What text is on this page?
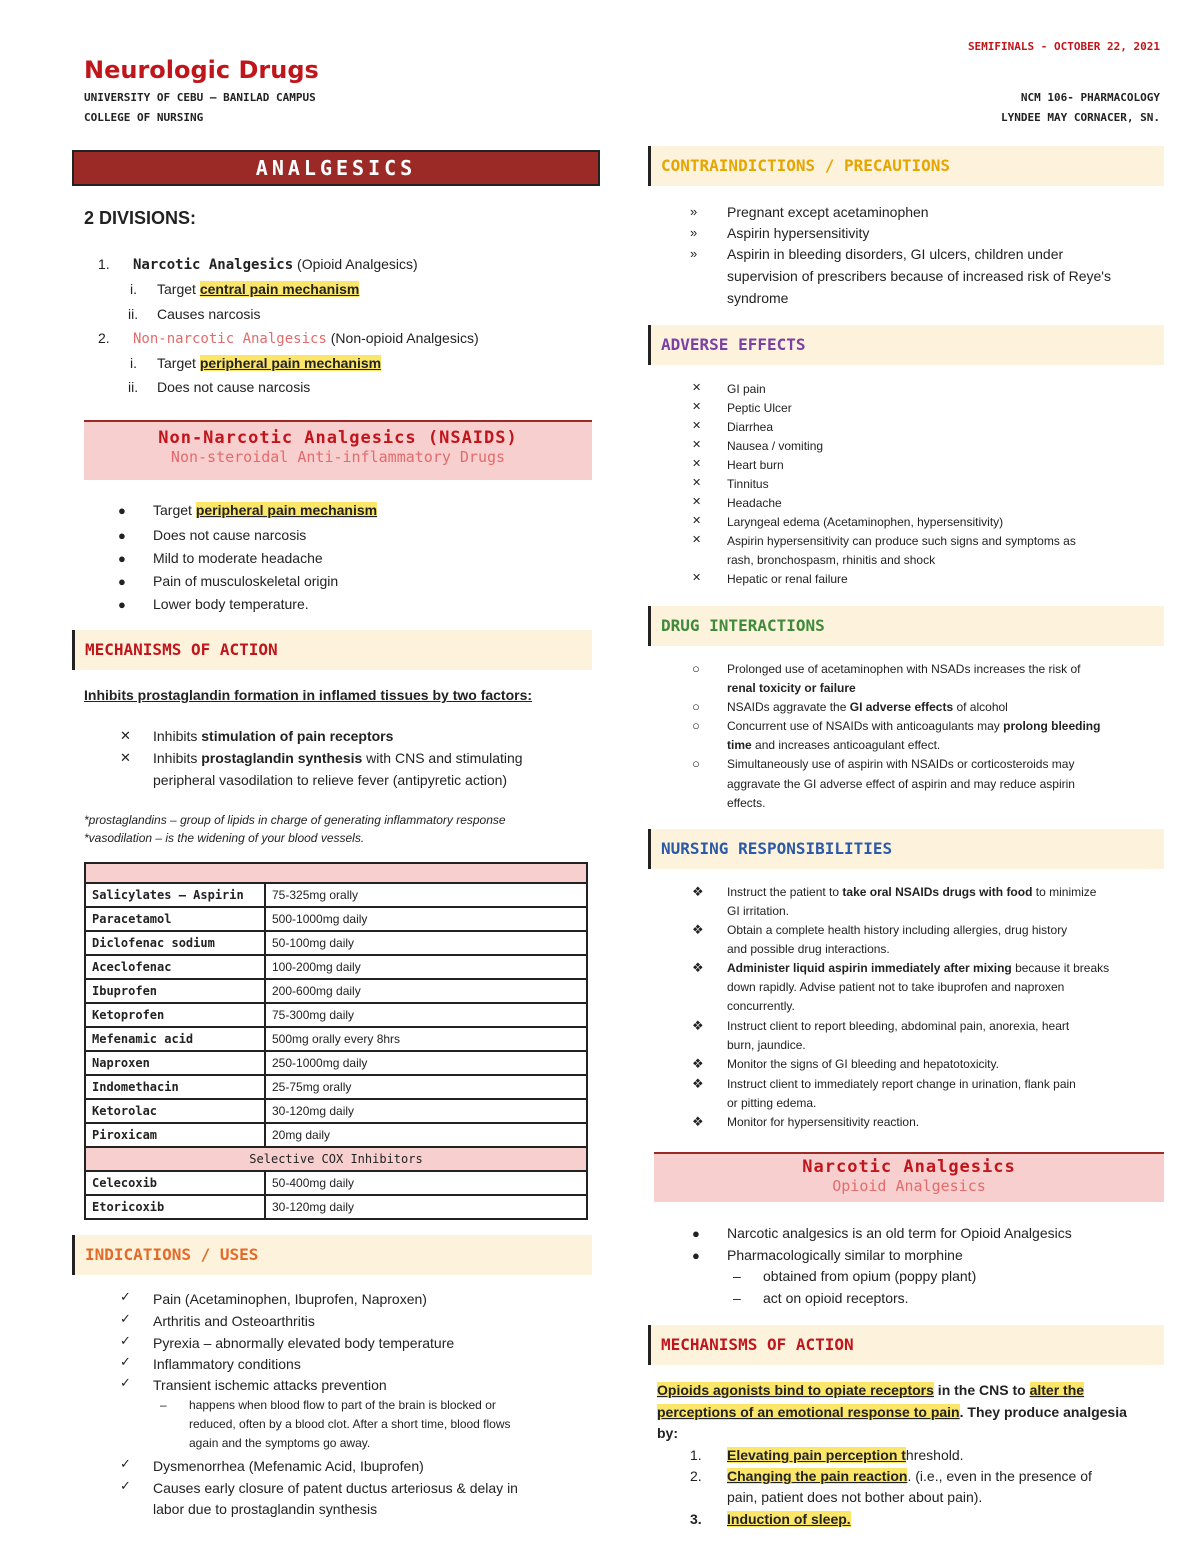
Neurologic Drugs
UNIVERSITY OF CEBU – BANILAD CAMPUS
COLLEGE OF NURSING
SEMIFINALS - OCTOBER 22, 2021
NCM 106- PHARMACOLOGY
LYNDEE MAY CORNACER, SN.
ANALGESICS
2 DIVISIONS:
1. Narcotic Analgesics (Opioid Analgesics)
i. Target central pain mechanism
ii. Causes narcosis
2. Non-narcotic Analgesics (Non-opioid Analgesics)
i. Target peripheral pain mechanism
ii. Does not cause narcosis
Non-Narcotic Analgesics (NSAIDS)
Non-steroidal Anti-inflammatory Drugs
● Target peripheral pain mechanism
● Does not cause narcosis
● Mild to moderate headache
● Pain of musculoskeletal origin
● Lower body temperature.
MECHANISMS OF ACTION
Inhibits prostaglandin formation in inflamed tissues by two factors:
✕ Inhibits stimulation of pain receptors
✕ Inhibits prostaglandin synthesis with CNS and stimulating
peripheral vasodilation to relieve fever (antipyretic action)
*prostaglandins – group of lipids in charge of generating inflammatory response
*vasodilation – is the widening of your blood vessels.

Salicylates – Aspirin	75-325mg orally
Paracetamol	500-1000mg daily
Diclofenac sodium	50-100mg daily
Aceclofenac	100-200mg daily
Ibuprofen	200-600mg daily
Ketoprofen	75-300mg daily
Mefenamic acid	500mg orally every 8hrs
Naproxen	250-1000mg daily
Indomethacin	25-75mg orally
Ketorolac	30-120mg daily
Piroxicam	20mg daily
Selective COX Inhibitors	
Celecoxib	50-400mg daily
Etoricoxib	30-120mg daily
INDICATIONS / USES
✓ Pain (Acetaminophen, Ibuprofen, Naproxen)
✓ Arthritis and Osteoarthritis
✓ Pyrexia – abnormally elevated body temperature
✓ Inflammatory conditions
✓ Transient ischemic attacks prevention
– happens when blood flow to part of the brain is blocked or
reduced, often by a blood clot. After a short time, blood flows
again and the symptoms go away.
✓ Dysmenorrhea (Mefenamic Acid, Ibuprofen)
✓ Causes early closure of patent ductus arteriosus & delay in
labor due to prostaglandin synthesis
CONTRAINDICTIONS / PRECAUTIONS
» Pregnant except acetaminophen
» Aspirin hypersensitivity
» Aspirin in bleeding disorders, GI ulcers, children under
supervision of prescribers because of increased risk of Reye's
syndrome
ADVERSE EFFECTS
✕ GI pain
✕ Peptic Ulcer
✕ Diarrhea
✕ Nausea / vomiting
✕ Heart burn
✕ Tinnitus
✕ Headache
✕ Laryngeal edema (Acetaminophen, hypersensitivity)
✕ Aspirin hypersensitivity can produce such signs and symptoms as
rash, bronchospasm, rhinitis and shock
✕ Hepatic or renal failure
DRUG INTERACTIONS
○ Prolonged use of acetaminophen with NSADs increases the risk of
renal toxicity or failure
○ NSAIDs aggravate the GI adverse effects of alcohol
○ Concurrent use of NSAIDs with anticoagulants may prolong bleeding
time and increases anticoagulant effect.
○ Simultaneously use of aspirin with NSAIDs or corticosteroids may
aggravate the GI adverse effect of aspirin and may reduce aspirin
effects.
NURSING RESPONSIBILITIES
❖ Instruct the patient to take oral NSAIDs drugs with food to minimize
GI irritation.
❖ Obtain a complete health history including allergies, drug history
and possible drug interactions.
❖ Administer liquid aspirin immediately after mixing because it breaks
down rapidly. Advise patient not to take ibuprofen and naproxen
concurrently.
❖ Instruct client to report bleeding, abdominal pain, anorexia, heart
burn, jaundice.
❖ Monitor the signs of GI bleeding and hepatotoxicity.
❖ Instruct client to immediately report change in urination, flank pain
or pitting edema.
❖ Monitor for hypersensitivity reaction.
Narcotic Analgesics
Opioid Analgesics
● Narcotic analgesics is an old term for Opioid Analgesics
● Pharmacologically similar to morphine
– obtained from opium (poppy plant)
– act on opioid receptors.
MECHANISMS OF ACTION
Opioids agonists bind to opiate receptors in the CNS to alter the
perceptions of an emotional response to pain. They produce analgesia
by:
1. Elevating pain perception threshold.
2. Changing the pain reaction. (i.e., even in the presence of
pain, patient does not bother about pain).
3. Induction of sleep.
